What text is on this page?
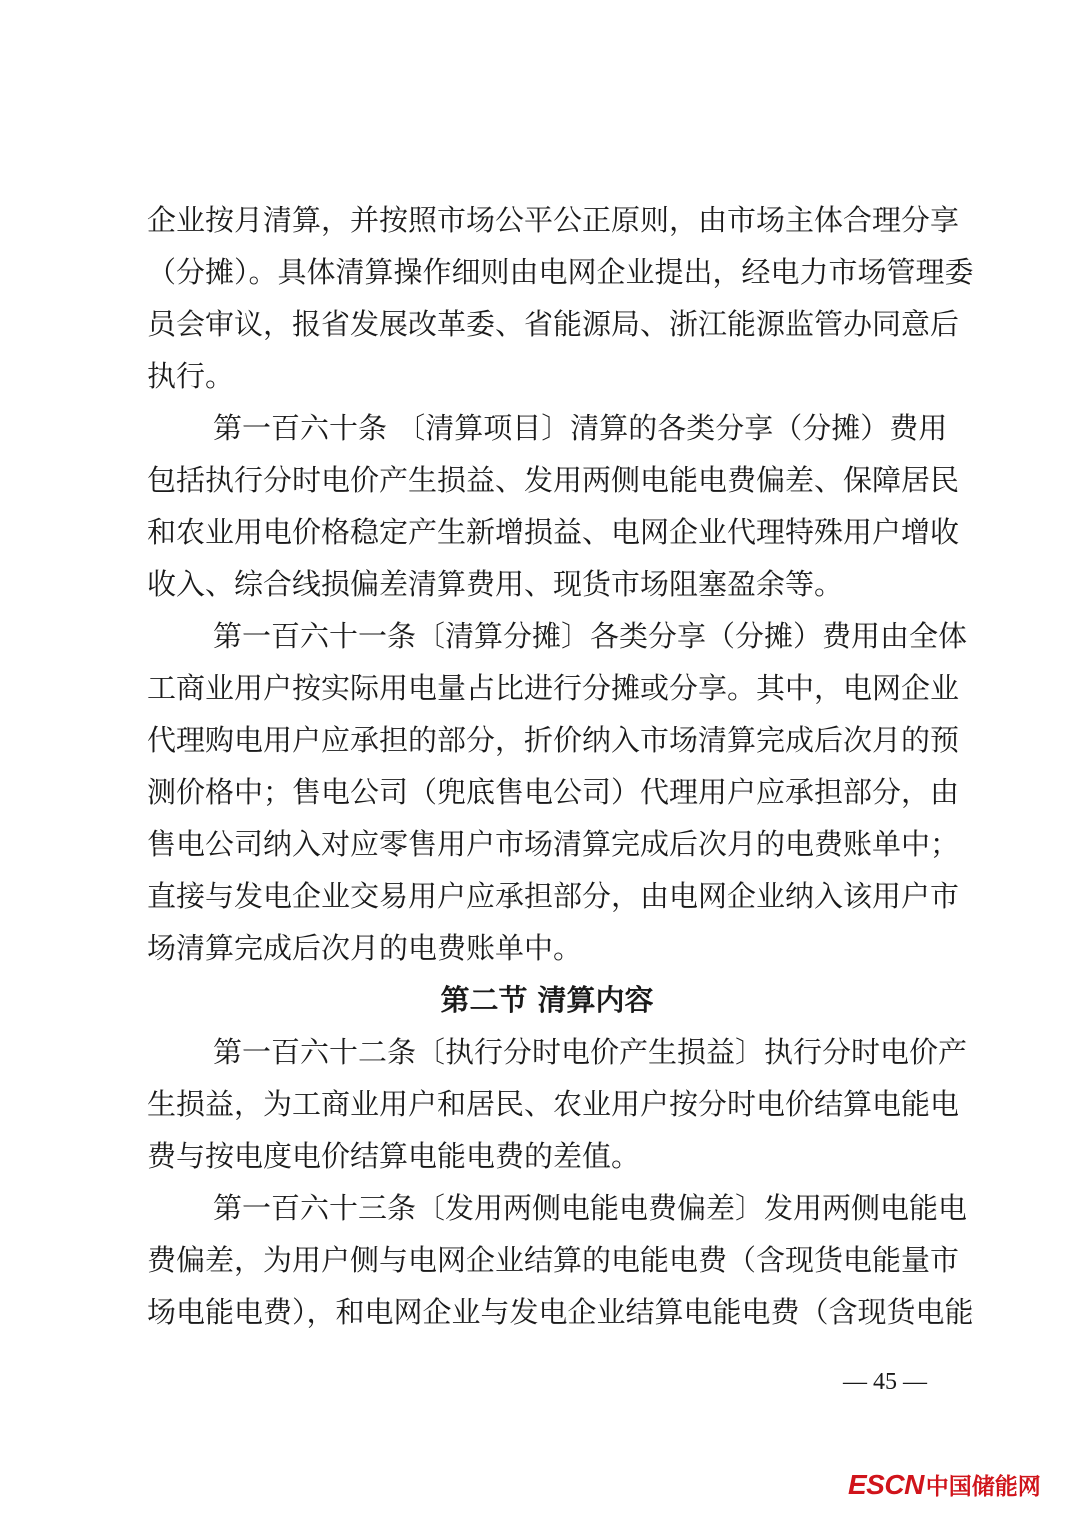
企业按月清算，并按照市场公平公正原则，由市场主体合理分享
（分摊）。具体清算操作细则由电网企业提出，经电力市场管理委
员会审议，报省发展改革委、省能源局、浙江能源监管办同意后
执行。
第一百六十条 〔清算项目〕清算的各类分享（分摊）费用
包括执行分时电价产生损益、发用两侧电能电费偏差、保障居民
和农业用电价格稳定产生新增损益、电网企业代理特殊用户增收
收入、综合线损偏差清算费用、现货市场阻塞盈余等。
第一百六十一条〔清算分摊〕各类分享（分摊）费用由全体
工商业用户按实际用电量占比进行分摊或分享。其中，电网企业
代理购电用户应承担的部分，折价纳入市场清算完成后次月的预
测价格中；售电公司（兜底售电公司）代理用户应承担部分，由
售电公司纳入对应零售用户市场清算完成后次月的电费账单中；
直接与发电企业交易用户应承担部分，由电网企业纳入该用户市
场清算完成后次月的电费账单中。
第二节 清算内容
第一百六十二条〔执行分时电价产生损益〕执行分时电价产
生损益，为工商业用户和居民、农业用户按分时电价结算电能电
费与按电度电价结算电能电费的差值。
第一百六十三条〔发用两侧电能电费偏差〕发用两侧电能电
费偏差，为用户侧与电网企业结算的电能电费（含现货电能量市
场电能电费），和电网企业与发电企业结算电能电费（含现货电能
— 45 —
ESCN中国储能网
